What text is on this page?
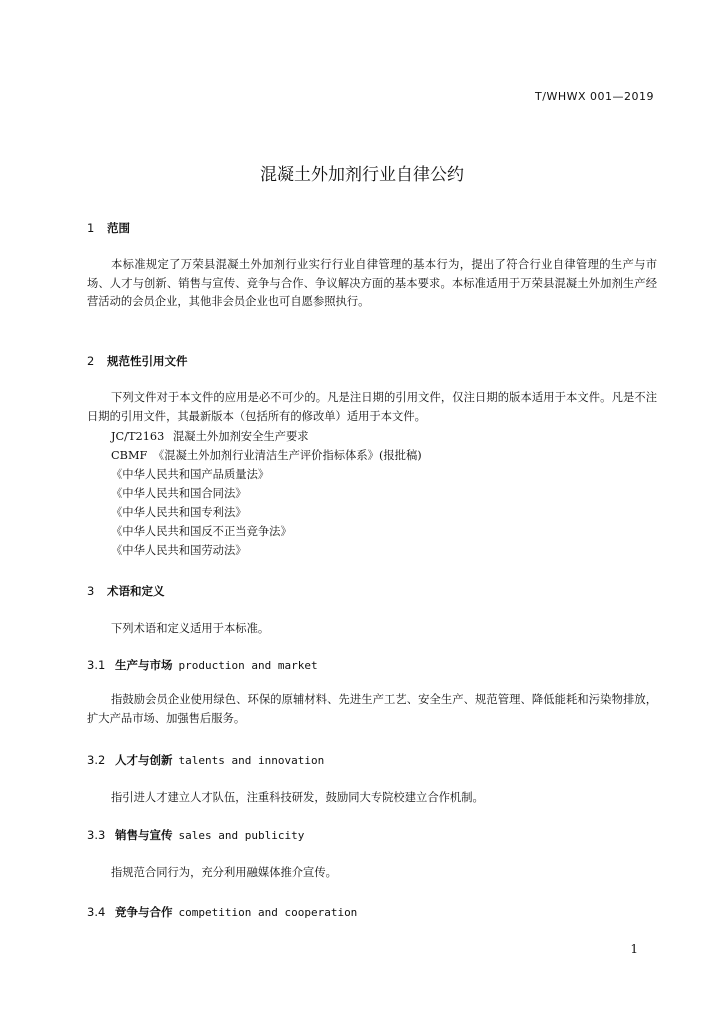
T/WHWX 001—2019
混凝土外加剂行业自律公约
1 范围
本标准规定了万荣县混凝土外加剂行业实行行业自律管理的基本行为，提出了符合行业自律管理的生产与市场、人才与创新、销售与宣传、竞争与合作、争议解决方面的基本要求。本标准适用于万荣县混凝土外加剂生产经营活动的会员企业，其他非会员企业也可自愿参照执行。
2 规范性引用文件
下列文件对于本文件的应用是必不可少的。凡是注日期的引用文件，仅注日期的版本适用于本文件。凡是不注日期的引用文件，其最新版本（包括所有的修改单）适用于本文件。
JC/T2163 混凝土外加剂安全生产要求
CBMF 《混凝土外加剂行业清洁生产评价指标体系》(报批稿)
《中华人民共和国产品质量法》
《中华人民共和国合同法》
《中华人民共和国专利法》
《中华人民共和国反不正当竞争法》
《中华人民共和国劳动法》
3 术语和定义
下列术语和定义适用于本标准。
3.1 生产与市场 production and market
指鼓励会员企业使用绿色、环保的原辅材料、先进生产工艺、安全生产、规范管理、降低能耗和污染物排放，扩大产品市场、加强售后服务。
3.2 人才与创新 talents and innovation
指引进人才建立人才队伍，注重科技研发，鼓励同大专院校建立合作机制。
3.3 销售与宣传 sales and publicity
指规范合同行为，充分利用融媒体推介宣传。
3.4 竞争与合作 competition and cooperation
1
